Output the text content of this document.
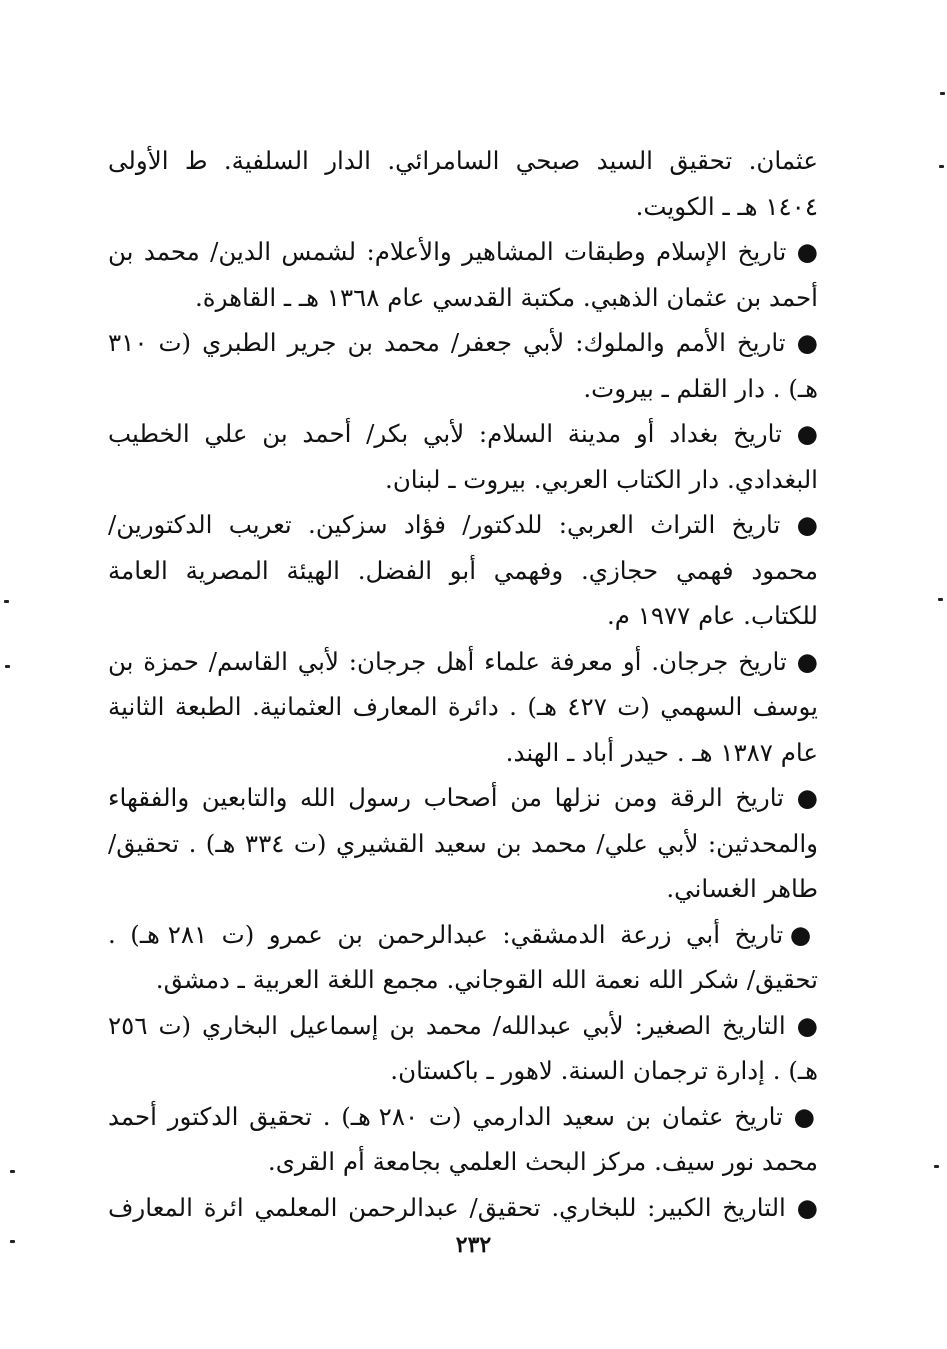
عثمان. تحقيق السيد صبحي السامرائي. الدار السلفية. ط الأولى
١٤٠٤ هـ ـ الكويت.
● تاريخ الإسلام وطبقات المشاهير والأعلام: لشمس الدين/ محمد بن
أحمد بن عثمان الذهبي. مكتبة القدسي عام ١٣٦٨ هـ ـ القاهرة.
● تاريخ الأمم والملوك: لأبي جعفر/ محمد بن جرير الطبري (ت ٣١٠
هـ) . دار القلم ـ بيروت.
● تاريخ بغداد أو مدينة السلام: لأبي بكر/ أحمد بن علي الخطيب
البغدادي. دار الكتاب العربي. بيروت ـ لبنان.
● تاريخ التراث العربي: للدكتور/ فؤاد سزكين. تعريب الدكتورين/
محمود فهمي حجازي. وفهمي أبو الفضل. الهيئة المصرية العامة
للكتاب. عام ١٩٧٧ م.
● تاريخ جرجان. أو معرفة علماء أهل جرجان: لأبي القاسم/ حمزة بن
يوسف السهمي (ت ٤٢٧ هـ) . دائرة المعارف العثمانية. الطبعة الثانية
عام ١٣٨٧ هـ . حيدر أباد ـ الهند.
● تاريخ الرقة ومن نزلها من أصحاب رسول الله والتابعين والفقهاء
والمحدثين: لأبي علي/ محمد بن سعيد القشيري (ت ٣٣٤ هـ) . تحقيق/
طاهر الغساني.
●تاريخ أبي زرعة الدمشقي: عبدالرحمن بن عمرو (ت ٢٨١ هـ) .
تحقيق/ شكر الله نعمة الله القوجاني. مجمع اللغة العربية ـ دمشق.
● التاريخ الصغير: لأبي عبدالله/ محمد بن إسماعيل البخاري (ت ٢٥٦
هـ) . إدارة ترجمان السنة. لاهور ـ باكستان.
● تاريخ عثمان بن سعيد الدارمي (ت ٢٨٠ هـ) . تحقيق الدكتور أحمد
محمد نور سيف. مركز البحث العلمي بجامعة أم القرى.
● التاريخ الكبير: للبخاري. تحقيق/ عبدالرحمن المعلمي ائرة المعارف
٢٣٢
